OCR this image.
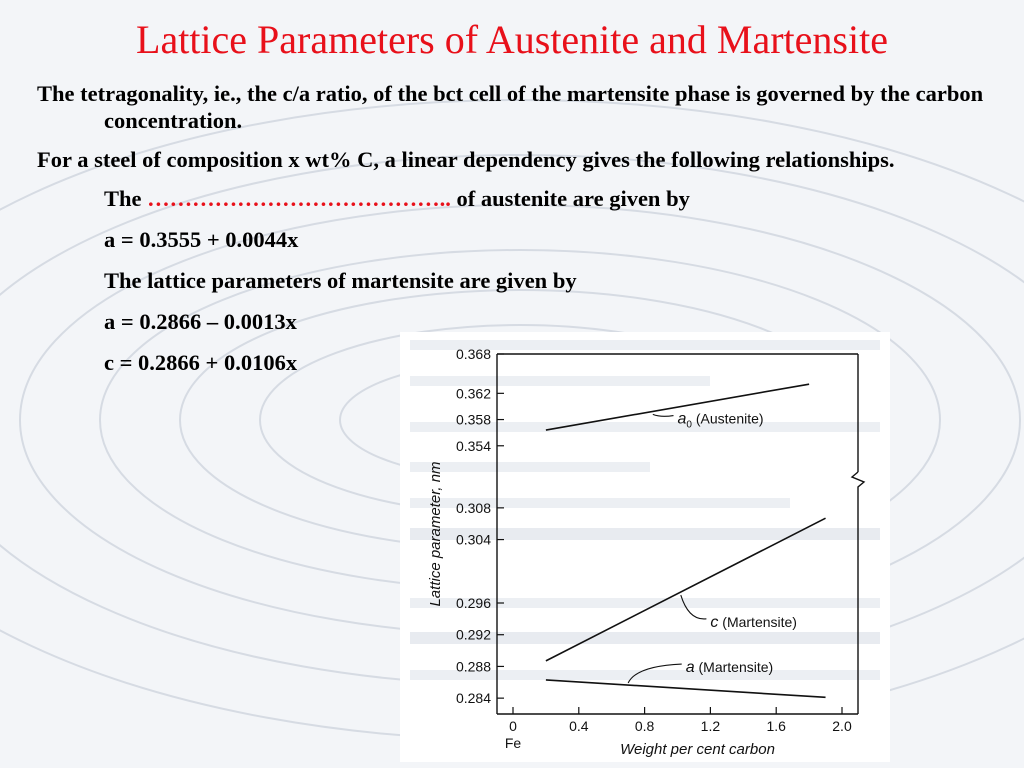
Lattice Parameters of Austenite and Martensite

The tetragonality, ie., the c/a ratio, of the bct cell of the martensite phase is governed by the carbon concentration.

For a steel of composition x wt% C, a linear dependency gives the following relationships.

The ………………………………….. of austenite are given by

a = 0.3555 + 0.0044x

The lattice parameters of martensite are given by

a = 0.2866 – 0.0013x

c = 0.2866 + 0.0106x	0.368
0.362
0.358
0.354
0.308
0.304
0.296
0.292
0.288
0.284
0	0.4	0.8	1.2	1.6	2.0
Fe	Weight per cent carbon
Lattice parameter, nm
$a_0$ (Austenite)
c (Martensite)
a (Martensite)
